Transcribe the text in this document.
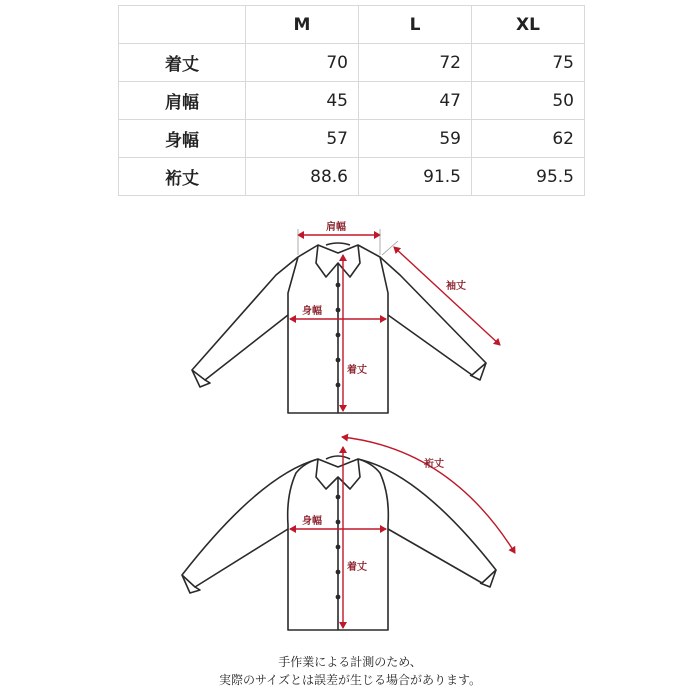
	M	L	XL
着丈	70	72	75
肩幅	45	47	50
身幅	57	59	62
裄丈	88.6	91.5	95.5
肩幅
袖丈
身幅
着丈
裄丈
身幅
着丈
手作業による計測のため、
実際のサイズとは誤差が生じる場合があります。
